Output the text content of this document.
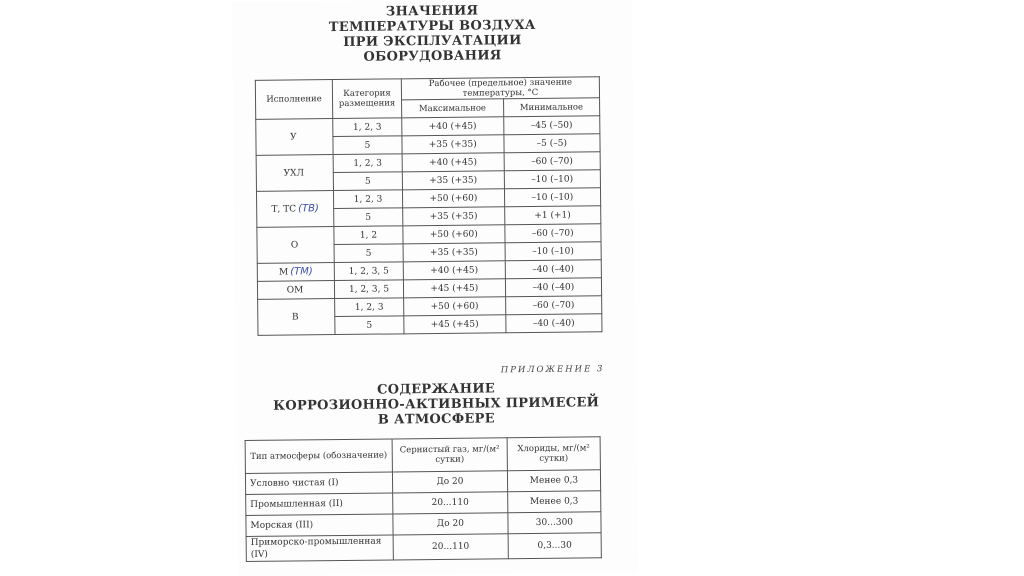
ЗНАЧЕНИЯ
ТЕМПЕРАТУРЫ ВОЗДУХА
ПРИ ЭКСПЛУАТАЦИИ
ОБОРУДОВАНИЯ
Исполнение	Категория размещения	Рабочее (предельное) значение температуры, °С	
		Максимальное	Минимальное
У	1, 2, 3	+40 (+45)	–45 (–50)
	5	+35 (+35)	–5 (–5)
УХЛ	1, 2, 3	+40 (+45)	–60 (–70)
	5	+35 (+35)	–10 (–10)
Т, ТС (ТВ)	1, 2, 3	+50 (+60)	–10 (–10)
	5	+35 (+35)	+1 (+1)
О	1, 2	+50 (+60)	–60 (–70)
	5	+35 (+35)	–10 (–10)
М (ТМ)	1, 2, 3, 5	+40 (+45)	–40 (–40)
ОМ	1, 2, 3, 5	+45 (+45)	–40 (–40)
В	1, 2, 3	+50 (+60)	–60 (–70)
	5	+45 (+45)	–40 (–40)
ПРИЛОЖЕНИЕ 3
СОДЕРЖАНИЕ
КОРРОЗИОННО-АКТИВНЫХ ПРИМЕСЕЙ
В АТМОСФЕРЕ
Тип атмосферы (обозначение)	Сернистый газ, мг/(м² сутки)	Хлориды, мг/(м² сутки)
Условно чистая (I)	До 20	Менее 0,3
Промышленная (II)	20...110	Менее 0,3
Морская (III)	До 20	30...300
Приморско-промышленная (IV)	20...110	0,3...30
